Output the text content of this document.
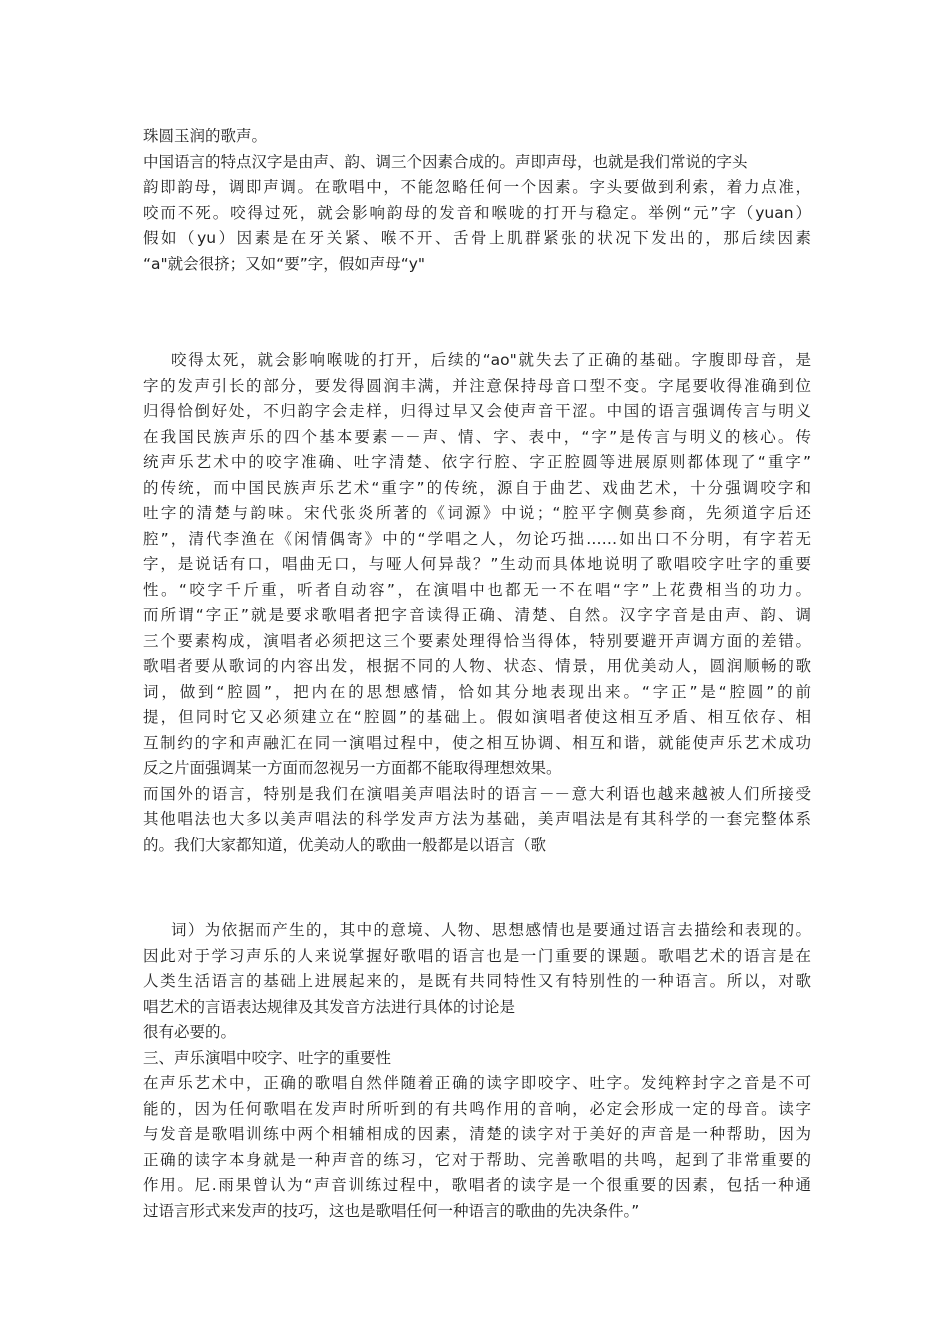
珠圆玉润的歌声。
中国语言的特点汉字是由声、韵、调三个因素合成的。声即声母，也就是我们常说的字头
韵即韵母，调即声调。在歌唱中，不能忽略任何一个因素。字头要做到利索，着力点准，
咬而不死。咬得过死，就会影响韵母的发音和喉咙的打开与稳定。举例“元”字（yuan）
假如（yu）因素是在牙关紧、喉不开、舌骨上肌群紧张的状况下发出的，那后续因素
“a"就会很挤；又如“要”字，假如声母“y"
咬得太死，就会影响喉咙的打开，后续的“ao"就失去了正确的基础。字腹即母音，是
字的发声引长的部分，要发得圆润丰满，并注意保持母音口型不变。字尾要收得准确到位
归得恰倒好处，不归韵字会走样，归得过早又会使声音干涩。中国的语言强调传言与明义
在我国民族声乐的四个基本要素－－声、情、字、表中，“字”是传言与明义的核心。传
统声乐艺术中的咬字准确、吐字清楚、依字行腔、字正腔圆等进展原则都体现了“重字”
的传统，而中国民族声乐艺术“重字”的传统，源自于曲艺、戏曲艺术，十分强调咬字和
吐字的清楚与韵味。宋代张炎所著的《词源》中说；“腔平字侧莫参商，先须道字后还
腔”，清代李渔在《闲情偶寄》中的“学唱之人，勿论巧拙……如出口不分明，有字若无
字，是说话有口，唱曲无口，与哑人何异哉？”生动而具体地说明了歌唱咬字吐字的重要
性。“咬字千斤重，听者自动容”，在演唱中也都无一不在唱“字”上花费相当的功力。
而所谓“字正”就是要求歌唱者把字音读得正确、清楚、自然。汉字字音是由声、韵、调
三个要素构成，演唱者必须把这三个要素处理得恰当得体，特别要避开声调方面的差错。
歌唱者要从歌词的内容出发，根据不同的人物、状态、情景，用优美动人，圆润顺畅的歌
词，做到“腔圆”，把内在的思想感情，恰如其分地表现出来。“字正”是“腔圆”的前
提，但同时它又必须建立在“腔圆”的基础上。假如演唱者使这相互矛盾、相互依存、相
互制约的字和声融汇在同一演唱过程中，使之相互协调、相互和谐，就能使声乐艺术成功
反之片面强调某一方面而忽视另一方面都不能取得理想效果。
而国外的语言，特别是我们在演唱美声唱法时的语言－－意大利语也越来越被人们所接受
其他唱法也大多以美声唱法的科学发声方法为基础，美声唱法是有其科学的一套完整体系
的。我们大家都知道，优美动人的歌曲一般都是以语言（歌
词）为依据而产生的，其中的意境、人物、思想感情也是要通过语言去描绘和表现的。
因此对于学习声乐的人来说掌握好歌唱的语言也是一门重要的课题。歌唱艺术的语言是在
人类生活语言的基础上进展起来的，是既有共同特性又有特别性的一种语言。所以，对歌
唱艺术的言语表达规律及其发音方法进行具体的讨论是
很有必要的。
三、声乐演唱中咬字、吐字的重要性
在声乐艺术中，正确的歌唱自然伴随着正确的读字即咬字、吐字。发纯粹封字之音是不可
能的，因为任何歌唱在发声时所听到的有共鸣作用的音响，必定会形成一定的母音。读字
与发音是歌唱训练中两个相辅相成的因素，清楚的读字对于美好的声音是一种帮助，因为
正确的读字本身就是一种声音的练习，它对于帮助、完善歌唱的共鸣，起到了非常重要的
作用。尼.雨果曾认为“声音训练过程中，歌唱者的读字是一个很重要的因素，包括一种通
过语言形式来发声的技巧，这也是歌唱任何一种语言的歌曲的先决条件。”
